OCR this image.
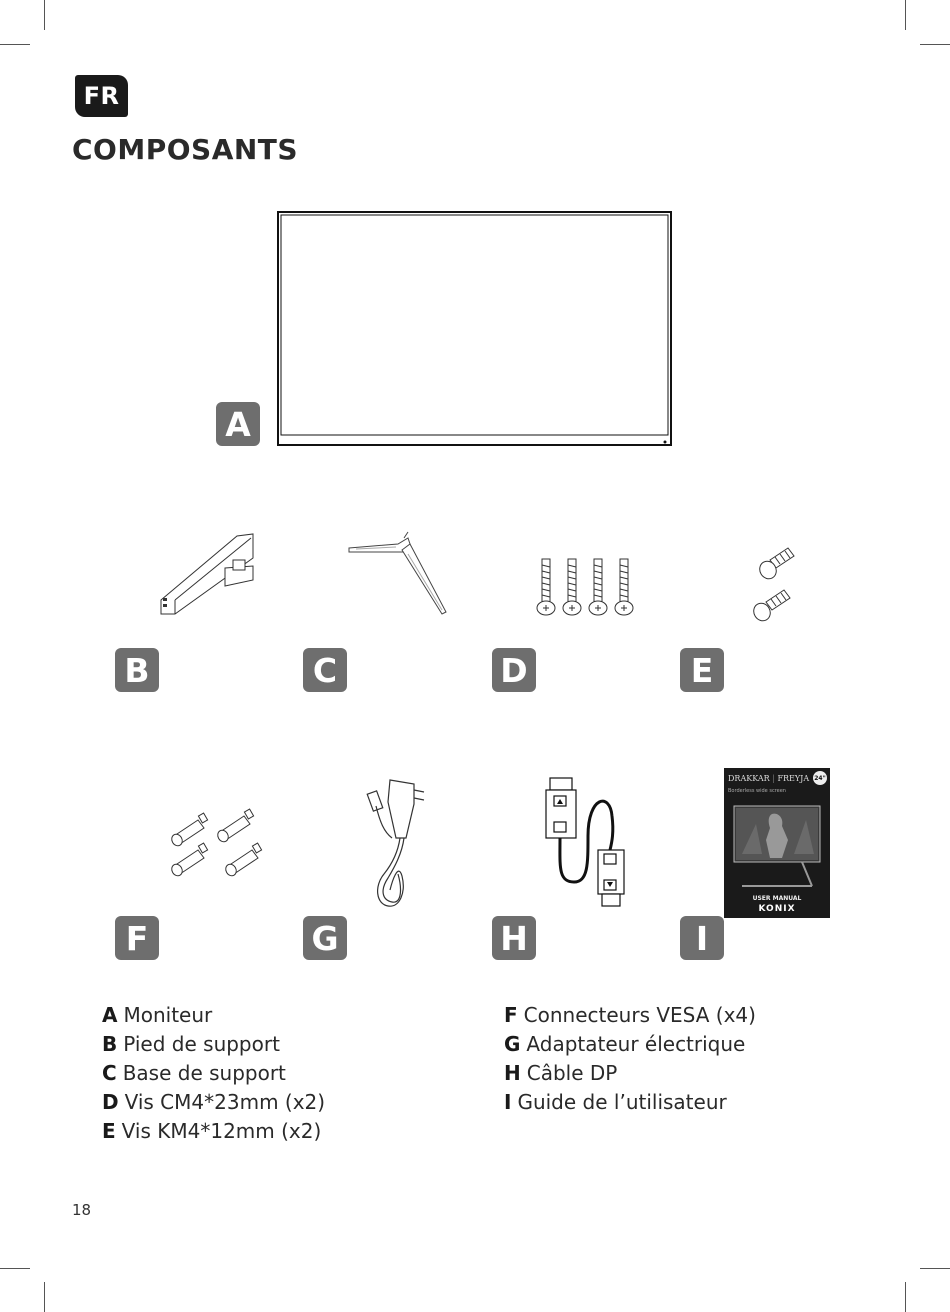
FR
COMPOSANTS
A
B	C	D	E
F	G	H
DRAKKAR | FREYJA 24"
Borderless wide screen
USER MANUAL
KONIX
I
A Moniteur
B Pied de support
C Base de support
D Vis CM4*23mm (x2)
E Vis KM4*12mm (x2)
F Connecteurs VESA (x4)
G Adaptateur électrique
H Câble DP
I Guide de l’utilisateur
18
